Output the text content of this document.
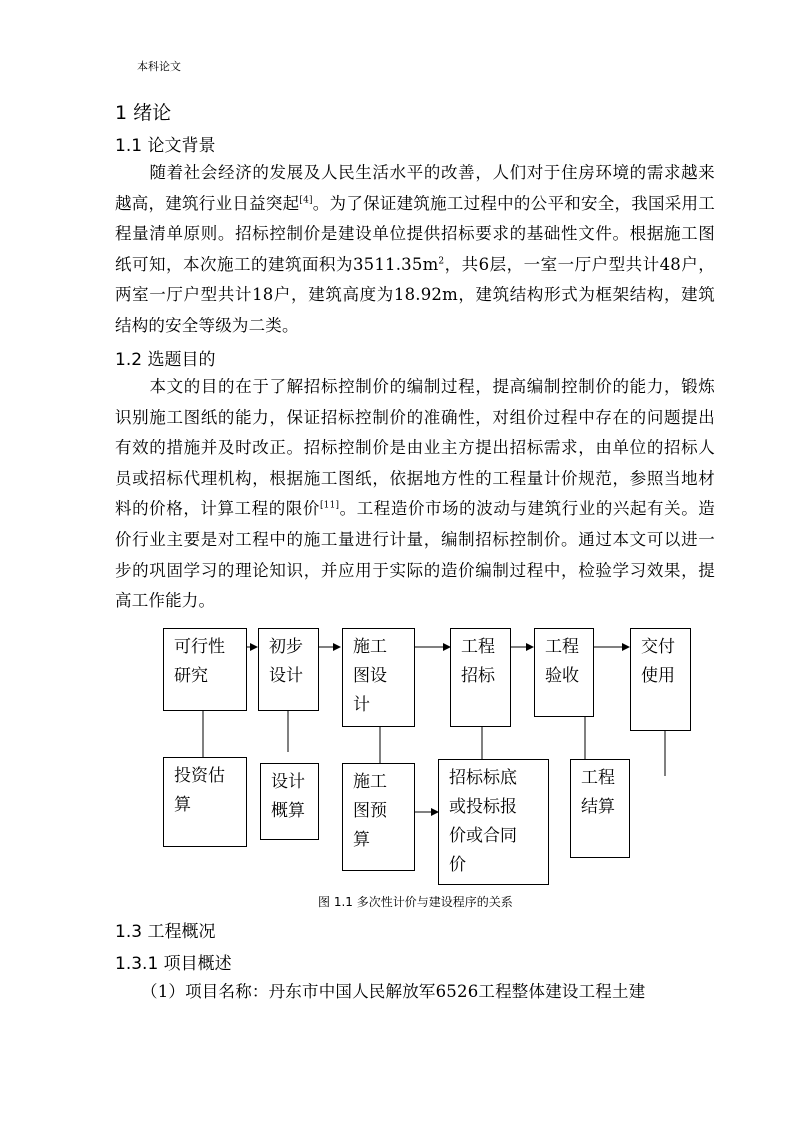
本科论文
1 绪论
1.1 论文背景
随着社会经济的发展及人民生活水平的改善，人们对于住房环境的需求越来越高，建筑行业日益突起[4]。为了保证建筑施工过程中的公平和安全，我国采用工程量清单原则。招标控制价是建设单位提供招标要求的基础性文件。根据施工图纸可知，本次施工的建筑面积为$3511.35m^2$，共6层，一室一厅户型共计48户，两室一厅户型共计18户，建筑高度为18.92m，建筑结构形式为框架结构，建筑结构的安全等级为二类。
1.2 选题目的
本文的目的在于了解招标控制价的编制过程，提高编制控制价的能力，锻炼识别施工图纸的能力，保证招标控制价的准确性，对组价过程中存在的问题提出有效的措施并及时改正。招标控制价是由业主方提出招标需求，由单位的招标人员或招标代理机构，根据施工图纸，依据地方性的工程量计价规范，参照当地材料的价格，计算工程的限价[11]。工程造价市场的波动与建筑行业的兴起有关。造价行业主要是对工程中的施工量进行计量，编制招标控制价。通过本文可以进一步的巩固学习的理论知识，并应用于实际的造价编制过程中，检验学习效果，提高工作能力。
可行性
研究
初步
设计
施工
图设
计
工程
招标
工程
验收
交付
使用
投资估
算
设计
概算
施工
图预
算
招标标底
或投标报
价或合同
价
工程
结算
图 1.1 多次性计价与建设程序的关系
1.3 工程概况
1.3.1 项目概述
（1）项目名称：丹东市中国人民解放军6526工程整体建设工程土建
